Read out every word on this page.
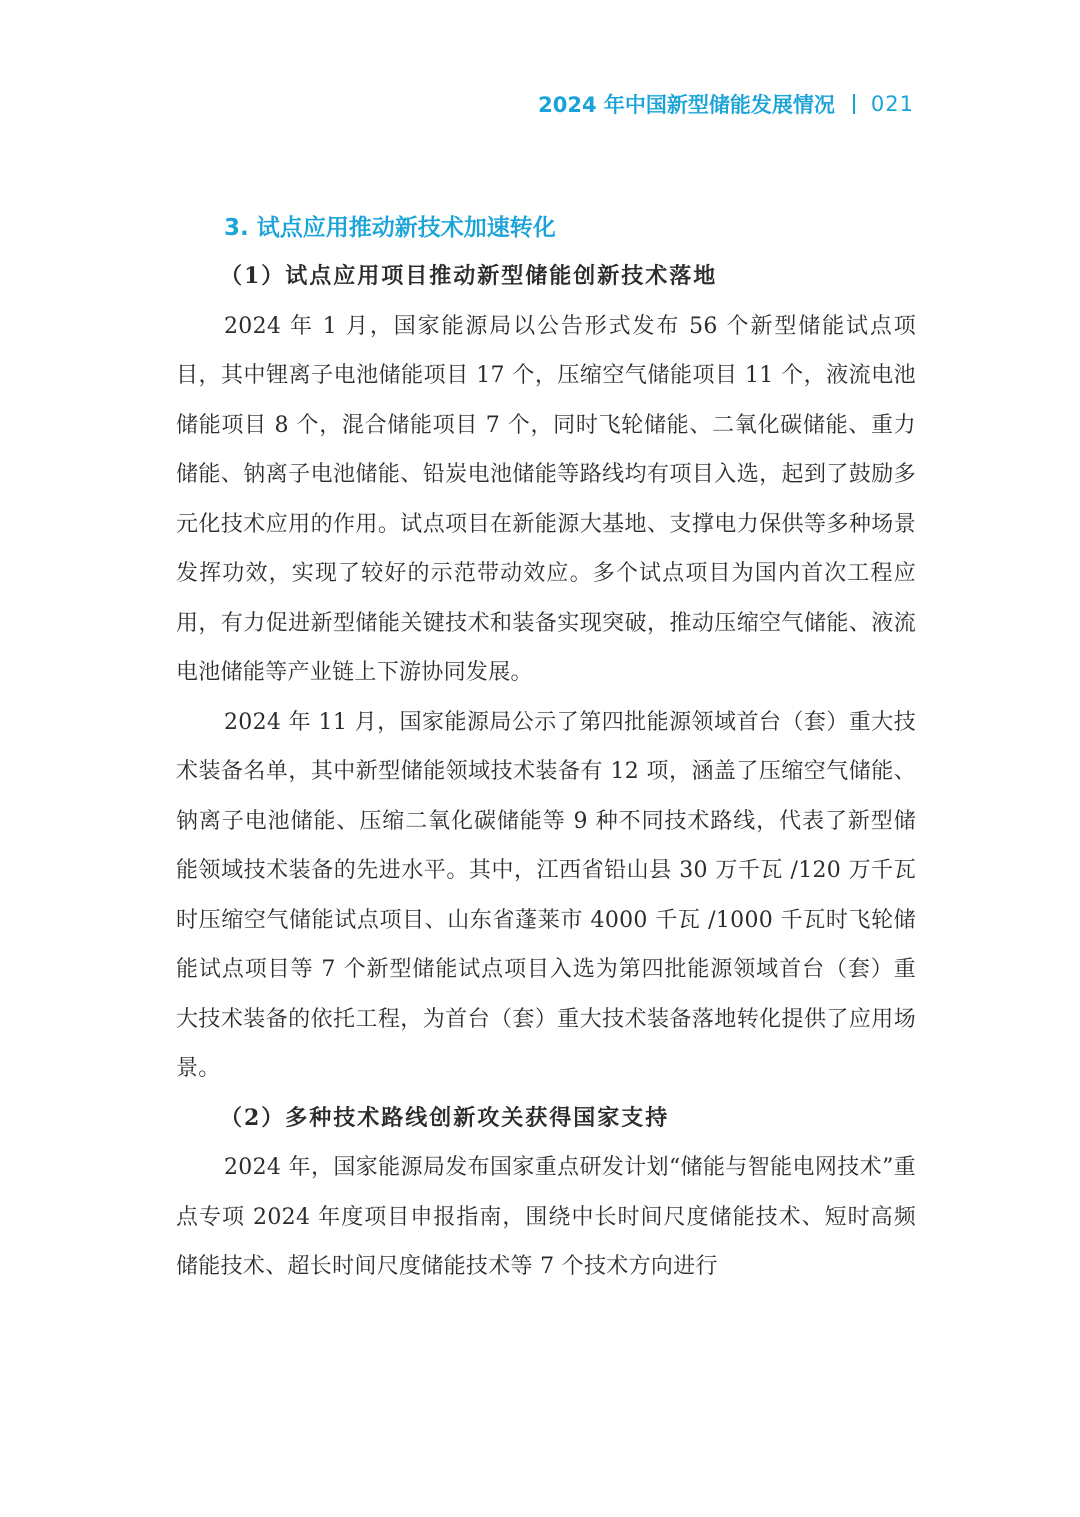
2024 年中国新型储能发展情况 021
3. 试点应用推动新技术加速转化
（1）试点应用项目推动新型储能创新技术落地

2024 年 1 月，国家能源局以公告形式发布 56 个新型储能试点项目，其中锂离子电池储能项目 17 个，压缩空气储能项目 11 个，液流电池储能项目 8 个，混合储能项目 7 个，同时飞轮储能、二氧化碳储能、重力储能、钠离子电池储能、铅炭电池储能等路线均有项目入选，起到了鼓励多元化技术应用的作用。试点项目在新能源大基地、支撑电力保供等多种场景发挥功效，实现了较好的示范带动效应。多个试点项目为国内首次工程应用，有力促进新型储能关键技术和装备实现突破，推动压缩空气储能、液流电池储能等产业链上下游协同发展。

2024 年 11 月，国家能源局公示了第四批能源领域首台（套）重大技术装备名单，其中新型储能领域技术装备有 12 项，涵盖了压缩空气储能、钠离子电池储能、压缩二氧化碳储能等 9 种不同技术路线，代表了新型储能领域技术装备的先进水平。其中，江西省铅山县 30 万千瓦 /120 万千瓦时压缩空气储能试点项目、山东省蓬莱市 4000 千瓦 /1000 千瓦时飞轮储能试点项目等 7 个新型储能试点项目入选为第四批能源领域首台（套）重大技术装备的依托工程，为首台（套）重大技术装备落地转化提供了应用场景。

（2）多种技术路线创新攻关获得国家支持

2024 年，国家能源局发布国家重点研发计划“储能与智能电网技术”重点专项 2024 年度项目申报指南，围绕中长时间尺度储能技术、短时高频储能技术、超长时间尺度储能技术等 7 个技术方向进行
